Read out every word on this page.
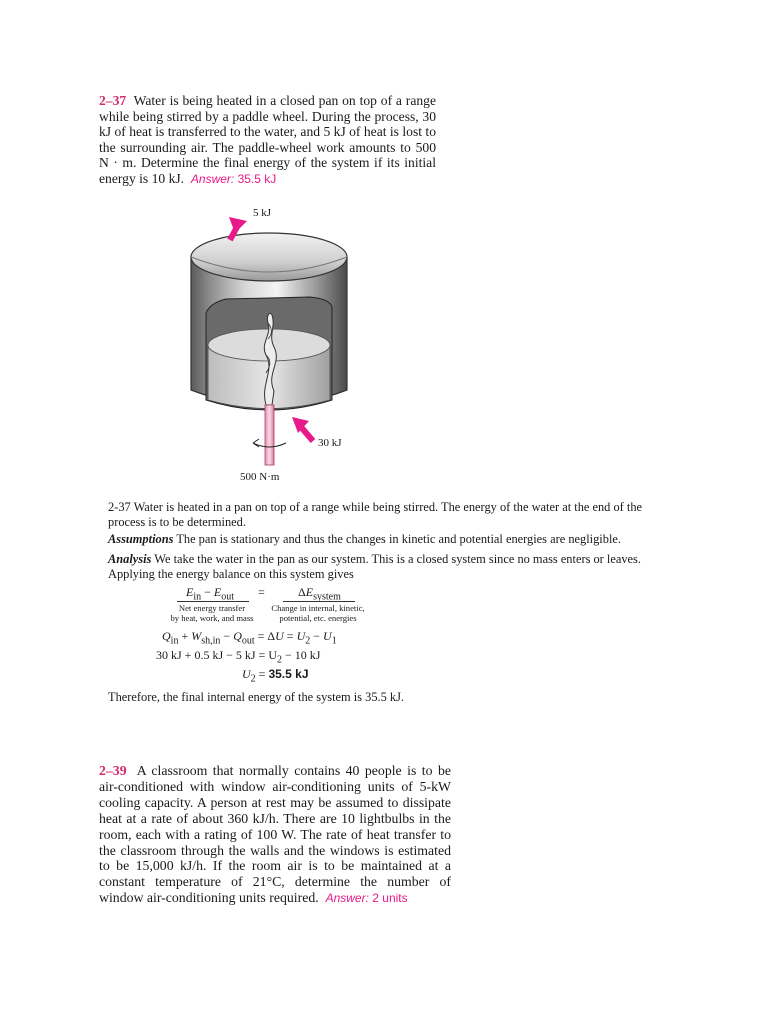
2–37 Water is being heated in a closed pan on top of a range while being stirred by a paddle wheel. During the process, 30 kJ of heat is transferred to the water, and 5 kJ of heat is lost to the surrounding air. The paddle-wheel work amounts to 500 N · m. Determine the final energy of the system if its initial energy is 10 kJ. Answer: 35.5 kJ
5 kJ
30 kJ
500 N·m
2-37 Water is heated in a pan on top of a range while being stirred. The energy of the water at the end of the process is to be determined.
Assumptions The pan is stationary and thus the changes in kinetic and potential energies are negligible.
Analysis We take the water in the pan as our system. This is a closed system since no mass enters or leaves. Applying the energy balance on this system gives
$E_{in} - E_{out}$ =	$\Delta E_{system}$
Net energy transfer
by heat, work, and mass
Change in internal, kinetic,
potential, etc. energies
$Q_{in} + W_{sh,in} - Q_{out} = \Delta U = U_2 - U_1$
30 kJ + 0.5 kJ − 5 kJ = $U_2 - 10$ kJ
$U_2 = 35.5$ kJ
Therefore, the final internal energy of the system is 35.5 kJ.
2–39 A classroom that normally contains 40 people is to be air-conditioned with window air-conditioning units of 5-kW cooling capacity. A person at rest may be assumed to dissipate heat at a rate of about 360 kJ/h. There are 10 lightbulbs in the room, each with a rating of 100 W. The rate of heat transfer to the classroom through the walls and the windows is estimated to be 15,000 kJ/h. If the room air is to be maintained at a constant temperature of 21°C, determine the number of window air-conditioning units required. Answer: 2 units
